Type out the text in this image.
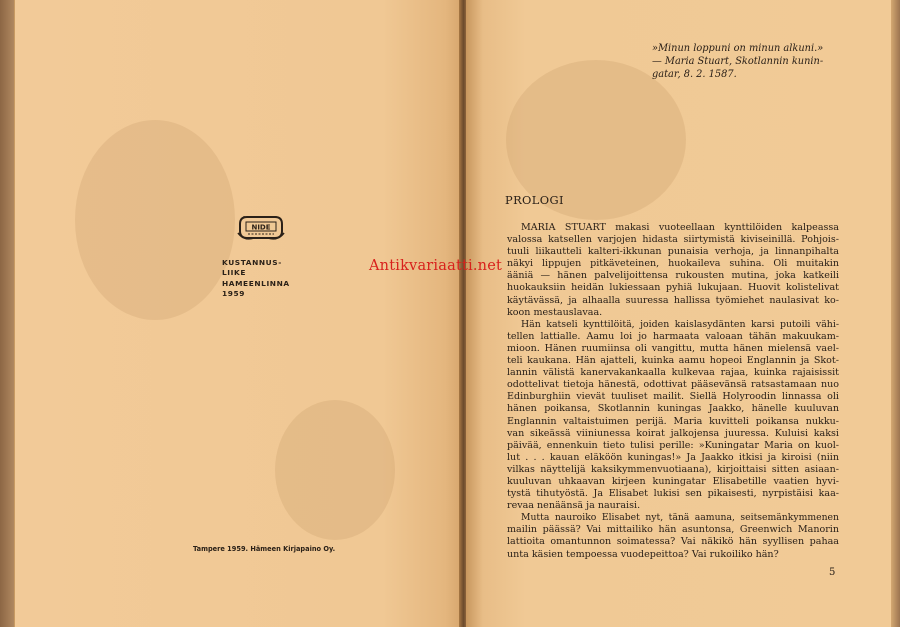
NIDE
KUSTANNUS-
LIIKE
HAMEENLINNA
1959
Tampere 1959. Hämeen Kirjapaino Oy.
»Minun loppuni on minun alkuni.»
— Maria Stuart, Skotlannin kunin-
gatar, 8. 2. 1587.
PROLOGI
MARIA STUART makasi vuoteellaan kynttilöiden kalpeassa
valossa katsellen varjojen hidasta siirtymistä kiviseinillä. Pohjois-
tuuli liikautteli kalteri-ikkunan punaisia verhoja, ja linnanpihalta
näkyi lippujen pitkäveteinen, huokaileva suhina. Oli muitakin
ääniä — hänen palvelijoittensa rukousten mutina, joka katkeili
huokauksiin heidän lukiessaan pyhiä lukujaan. Huovit kolistelivat
käytävässä, ja alhaalla suuressa hallissa työmiehet naulasivat ko-
koon mestauslavaa.
Hän katseli kynttilöitä, joiden kaislasydänten karsi putoili vähi-
tellen lattialle. Aamu loi jo harmaata valoaan tähän makuukam-
mioon. Hänen ruumiinsa oli vangittu, mutta hänen mielensä vael-
teli kaukana. Hän ajatteli, kuinka aamu hopeoi Englannin ja Skot-
lannin välistä kanervakankaalla kulkevaa rajaa, kuinka rajaisissit
odottelivat tietoja hänestä, odottivat pääsevänsä ratsastamaan nuo
Edinburghiin vievät tuuliset mailit. Siellä Holyroodin linnassa oli
hänen poikansa, Skotlannin kuningas Jaakko, hänelle kuuluvan
Englannin valtaistuimen perijä. Maria kuvitteli poikansa nukku-
van sikeässä viiniunessa koirat jalkojensa juuressa. Kuluisi kaksi
päivää, ennenkuin tieto tulisi perille: »Kuningatar Maria on kuol-
lut . . . kauan eläköön kuningas!» Ja Jaakko itkisi ja kiroisi (niin
vilkas näyttelijä kaksikymmenvuotiaana), kirjoittaisi sitten asiaan-
kuuluvan uhkaavan kirjeen kuningatar Elisabetille vaatien hyvi-
tystä tihutyöstä. Ja Elisabet lukisi sen pikaisesti, nyrpistäisi kaa-
revaa nenäänsä ja nauraisi.
Mutta nauroiko Elisabet nyt, tänä aamuna, seitsemänkymmenen
mailin päässä? Vai mittailiko hän asuntonsa, Greenwich Manorin
lattioita omantunnon soimatessa? Vai näkikö hän syyllisen pahaa
unta käsien tempoessa vuodepeittoa? Vai rukoiliko hän?
5
Antikvariaatti.net
